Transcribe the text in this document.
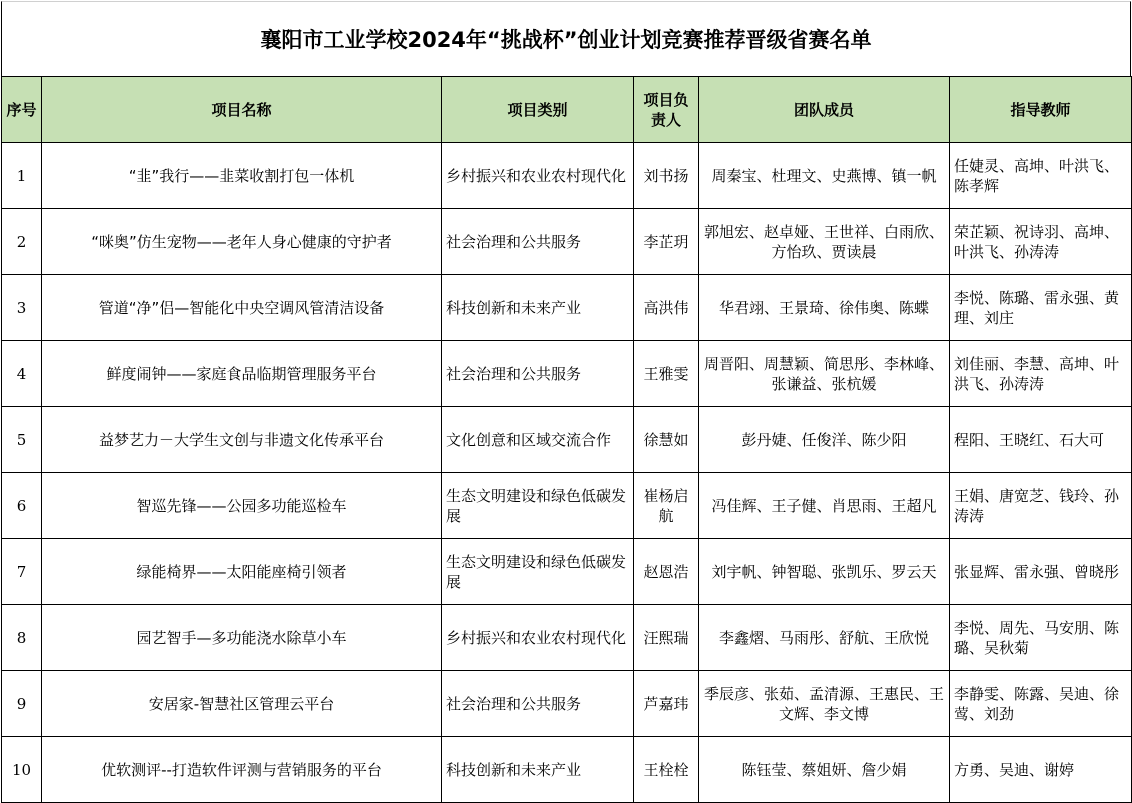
襄阳市工业学校2024年“挑战杯”创业计划竞赛推荐晋级省赛名单
序号	项目名称	项目类别	项目负责人	团队成员	指导教师
1	“韭”我行——韭菜收割打包一体机	乡村振兴和农业农村现代化	刘书扬	周秦宝、杜理文、史燕博、镇一帆	任婕灵、高坤、叶洪飞、陈孝辉
2	“咪奥”仿生宠物——老年人身心健康的守护者	社会治理和公共服务	李芷玥	郭旭宏、赵卓娅、王世祥、白雨欣、方怡玖、贾读晨	荣芷颖、祝诗羽、高坤、叶洪飞、孙涛涛
3	管道“净”侣—智能化中央空调风管清洁设备	科技创新和未来产业	高洪伟	华君翊、王景琦、徐伟奥、陈蝶	李悦、陈璐、雷永强、黄理、刘庄
4	鲜度闹钟——家庭食品临期管理服务平台	社会治理和公共服务	王雅雯	周晋阳、周慧颖、简思彤、李林峰、张谦益、张杭媛	刘佳丽、李慧、高坤、叶洪飞、孙涛涛
5	益梦艺力－大学生文创与非遗文化传承平台	文化创意和区域交流合作	徐慧如	彭丹婕、任俊洋、陈少阳	程阳、王晓红、石大可
6	智巡先锋——公园多功能巡检车	生态文明建设和绿色低碳发展	崔杨启航	冯佳辉、王子健、肖思雨、王超凡	王娟、唐宽芝、钱玲、孙涛涛
7	绿能椅界——太阳能座椅引领者	生态文明建设和绿色低碳发展	赵恩浩	刘宇帆、钟智聪、张凯乐、罗云天	张显辉、雷永强、曾晓彤
8	园艺智手—多功能浇水除草小车	乡村振兴和农业农村现代化	汪熙瑞	李鑫熠、马雨彤、舒航、王欣悦	李悦、周先、马安朋、陈璐、吴秋菊
9	安居家-智慧社区管理云平台	社会治理和公共服务	芦嘉玮	季辰彦、张茹、孟清源、王惠民、王文辉、李文博	李静雯、陈露、吴迪、徐莺、刘劲
10	优软测评--打造软件评测与营销服务的平台	科技创新和未来产业	王栓栓	陈钰莹、蔡姐妍、詹少娟	方勇、吴迪、谢婷
